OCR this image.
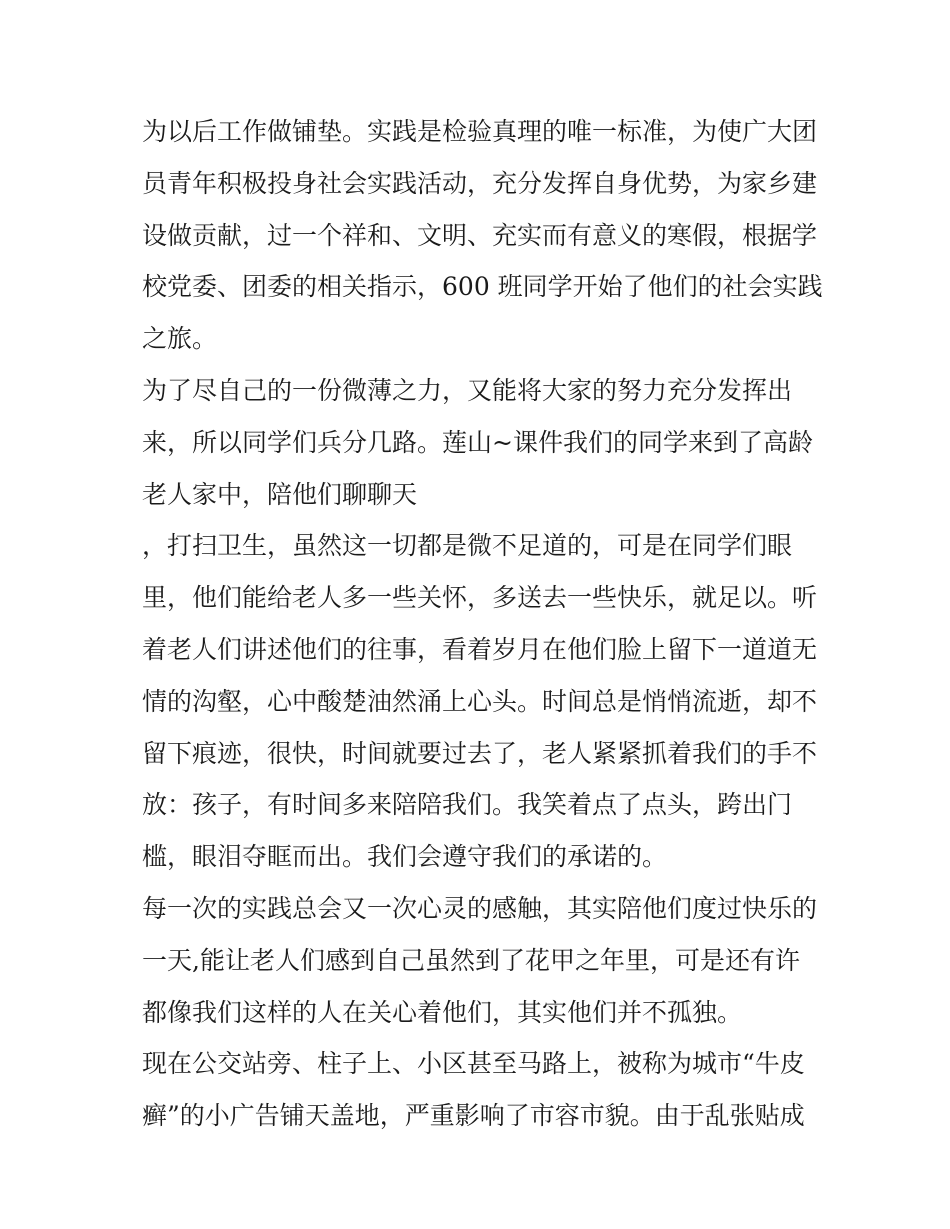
为以后工作做铺垫。实践是检验真理的唯一标准，为使广大团
员青年积极投身社会实践活动，充分发挥自身优势，为家乡建
设做贡献，过一个祥和、文明、充实而有意义的寒假，根据学
校党委、团委的相关指示，600 班同学开始了他们的社会实践
之旅。
为了尽自己的一份微薄之力，又能将大家的努力充分发挥出
来，所以同学们兵分几路。莲山~课件我们的同学来到了高龄
老人家中，陪他们聊聊天
，打扫卫生，虽然这一切都是微不足道的，可是在同学们眼
里，他们能给老人多一些关怀，多送去一些快乐，就足以。听
着老人们讲述他们的往事，看着岁月在他们脸上留下一道道无
情的沟壑，心中酸楚油然涌上心头。时间总是悄悄流逝，却不
留下痕迹，很快，时间就要过去了，老人紧紧抓着我们的手不
放：孩子，有时间多来陪陪我们。我笑着点了点头，跨出门
槛，眼泪夺眶而出。我们会遵守我们的承诺的。
每一次的实践总会又一次心灵的感触，其实陪他们度过快乐的
一天,能让老人们感到自己虽然到了花甲之年里，可是还有许
都像我们这样的人在关心着他们，其实他们并不孤独。
现在公交站旁、柱子上、小区甚至马路上，被称为城市“牛皮
癣”的小广告铺天盖地，严重影响了市容市貌。由于乱张贴成
